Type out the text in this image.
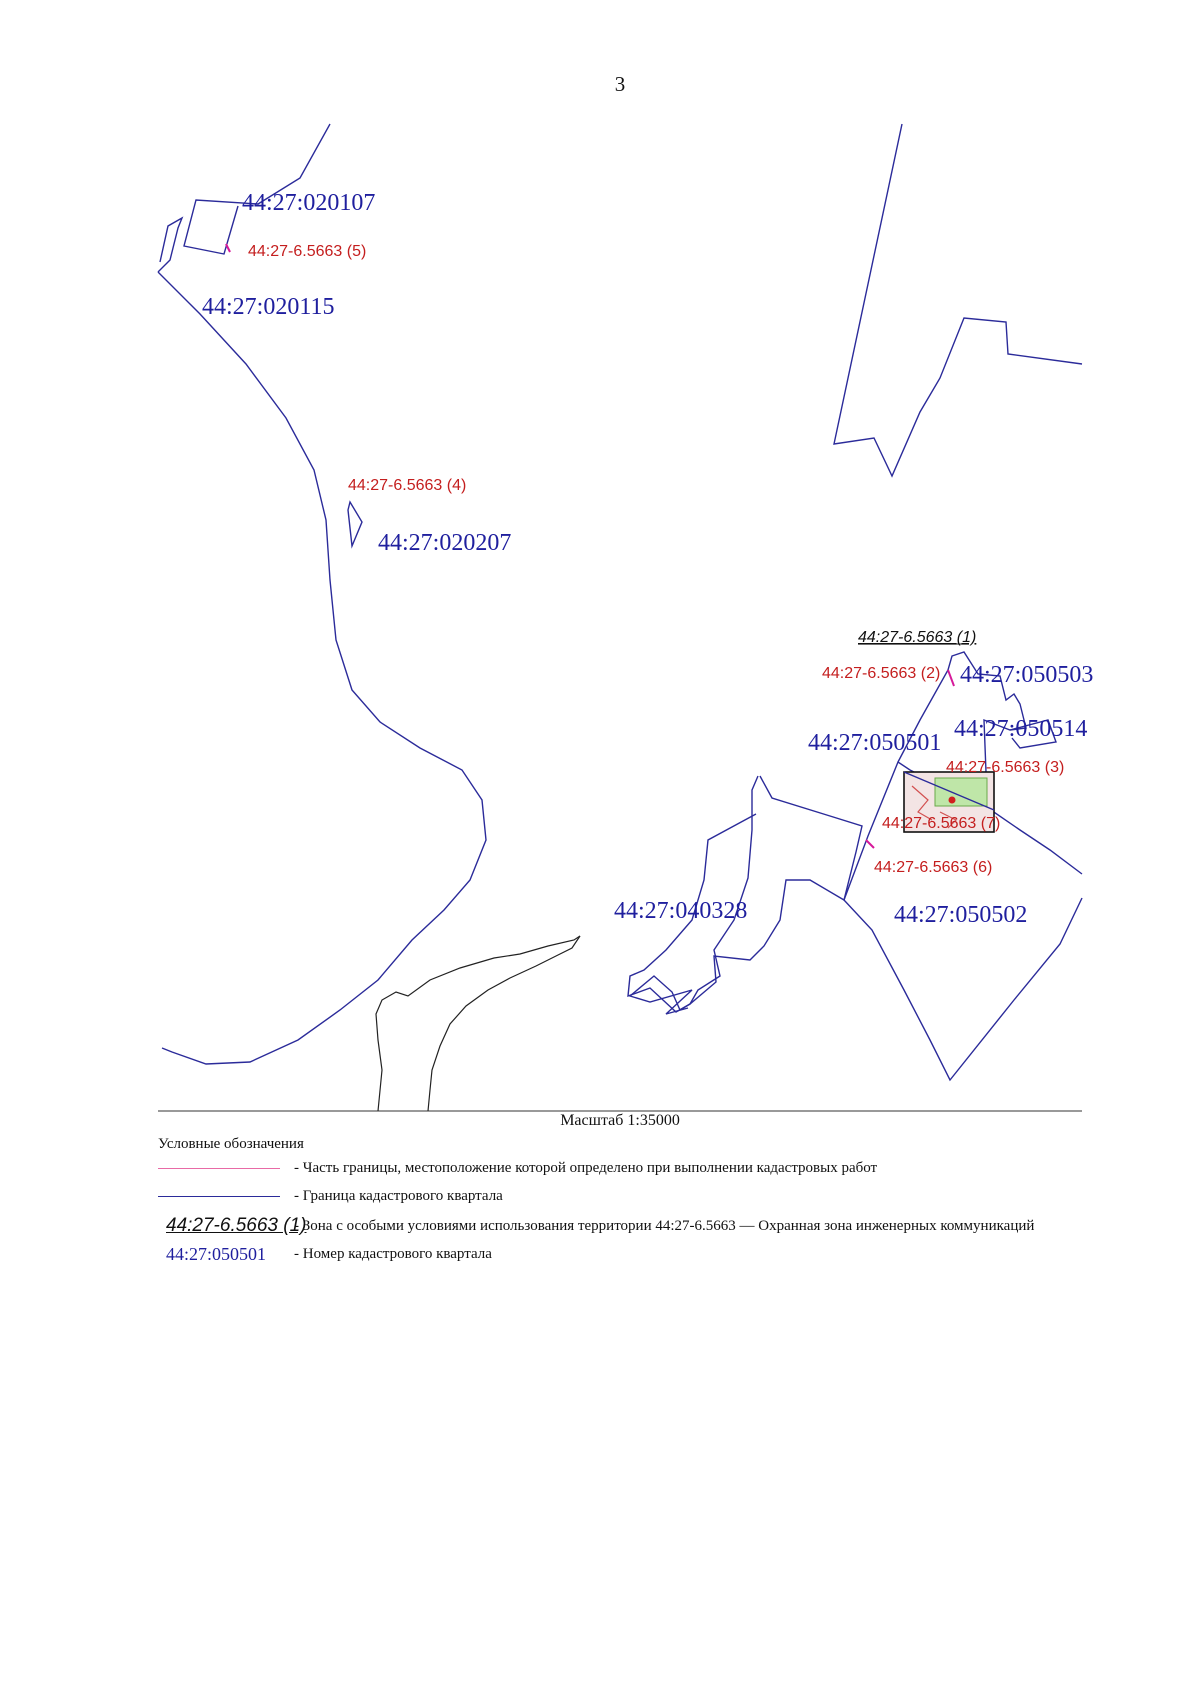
3
44:27:020107
44:27:020115
44:27:020207
44:27:050503
44:27:050514
44:27:050501
44:27:040328	44:27:050502
44:27-6.5663 (1)
44:27-6.5663 (2)
44:27-6.5663 (3)
44:27-6.5663 (4)
44:27-6.5663 (5)
44:27-6.5663 (6)
44:27-6.5663 (7)
Масштаб 1:35000
Условные обозначения
- Часть границы, местоположение которой определено при выполнении кадастровых работ
- Граница кадастрового квартала
44:27-6.5663 (1)
- Зона с особыми условиями использования территории 44:27-6.5663 — Охранная зона инженерных коммуникаций
44:27:050501 - Номер кадастрового квартала
